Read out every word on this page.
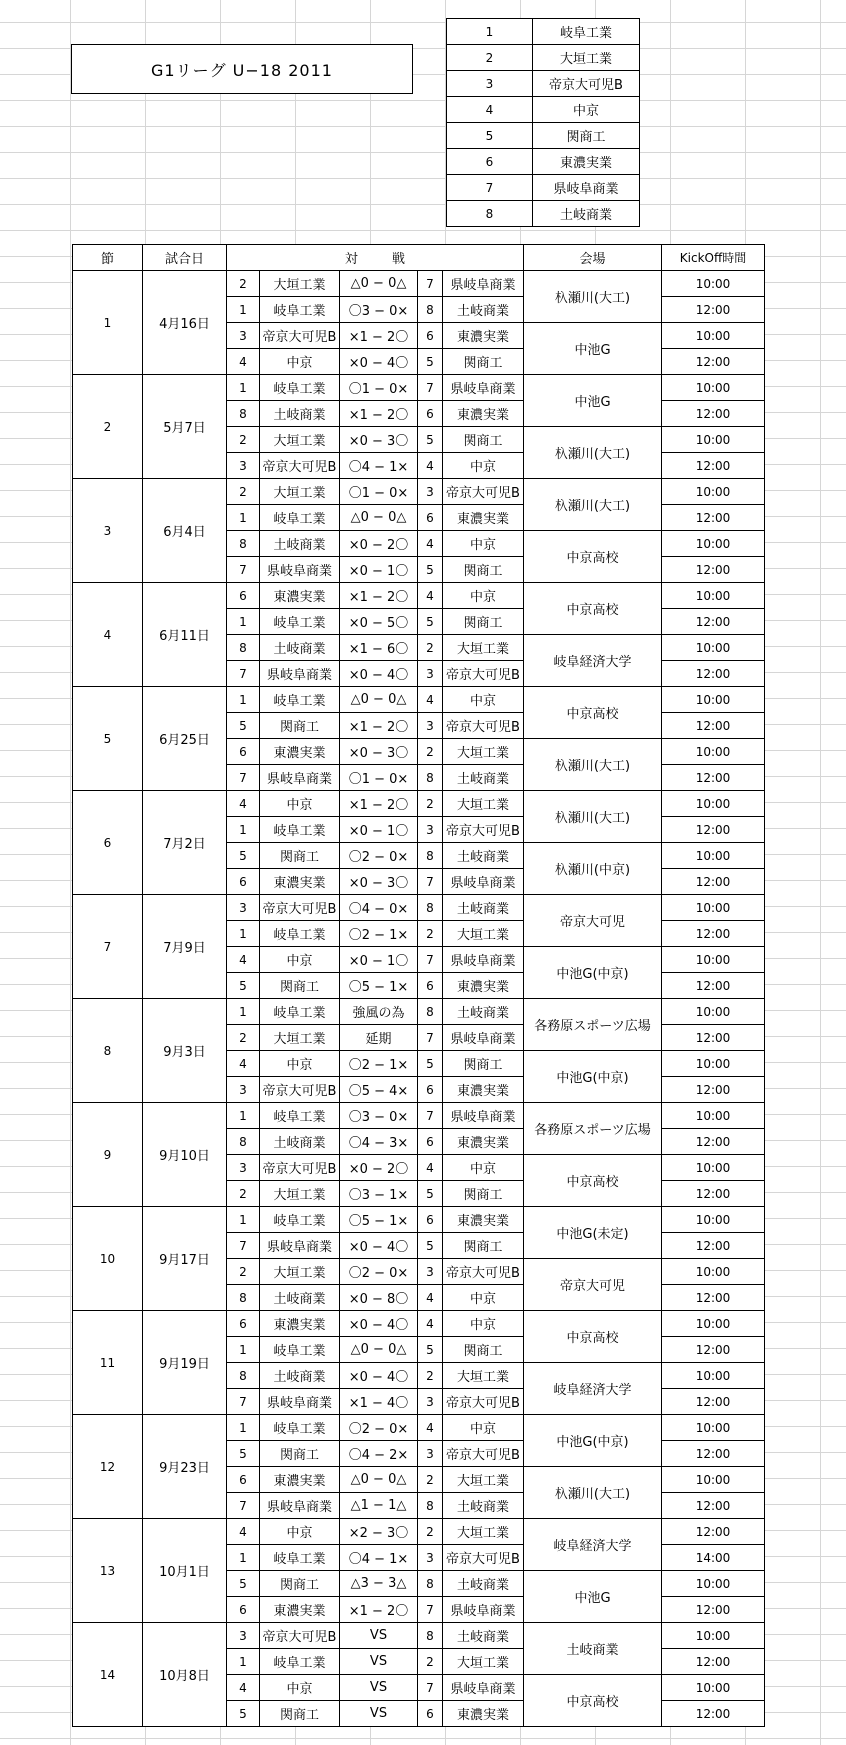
G1リーグ U−18 2011
1	岐阜工業
2	大垣工業
3	帝京大可児B
4	中京
5	関商工
6	東濃実業
7	県岐阜商業
8	土岐商業
節	試合日	対 戦					会場	KickOff時間
1	4月16日	2	大垣工業	△0 − 0△	7	県岐阜商業	杁瀬川(大工)	10:00
		1	岐阜工業	〇3 − 0×	8	土岐商業		12:00
		3	帝京大可児B	×1 − 2〇	6	東濃実業	中池G	10:00
		4	中京	×0 − 4〇	5	関商工		12:00
2	5月7日	1	岐阜工業	〇1 − 0×	7	県岐阜商業	中池G	10:00
		8	土岐商業	×1 − 2〇	6	東濃実業		12:00
		2	大垣工業	×0 − 3〇	5	関商工	杁瀬川(大工)	10:00
		3	帝京大可児B	〇4 − 1×	4	中京		12:00
3	6月4日	2	大垣工業	〇1 − 0×	3	帝京大可児B	杁瀬川(大工)	10:00
		1	岐阜工業	△0 − 0△	6	東濃実業		12:00
		8	土岐商業	×0 − 2〇	4	中京	中京高校	10:00
		7	県岐阜商業	×0 − 1〇	5	関商工		12:00
4	6月11日	6	東濃実業	×1 − 2〇	4	中京	中京高校	10:00
		1	岐阜工業	×0 − 5〇	5	関商工		12:00
		8	土岐商業	×1 − 6〇	2	大垣工業	岐阜経済大学	10:00
		7	県岐阜商業	×0 − 4〇	3	帝京大可児B		12:00
5	6月25日	1	岐阜工業	△0 − 0△	4	中京	中京高校	10:00
		5	関商工	×1 − 2〇	3	帝京大可児B		12:00
		6	東濃実業	×0 − 3〇	2	大垣工業	杁瀬川(大工)	10:00
		7	県岐阜商業	〇1 − 0×	8	土岐商業		12:00
6	7月2日	4	中京	×1 − 2〇	2	大垣工業	杁瀬川(大工)	10:00
		1	岐阜工業	×0 − 1〇	3	帝京大可児B		12:00
		5	関商工	〇2 − 0×	8	土岐商業	杁瀬川(中京)	10:00
		6	東濃実業	×0 − 3〇	7	県岐阜商業		12:00
7	7月9日	3	帝京大可児B	〇4 − 0×	8	土岐商業	帝京大可児	10:00
		1	岐阜工業	〇2 − 1×	2	大垣工業		12:00
		4	中京	×0 − 1〇	7	県岐阜商業	中池G(中京)	10:00
		5	関商工	〇5 − 1×	6	東濃実業		12:00
8	9月3日	1	岐阜工業	強風の為	8	土岐商業	各務原スポーツ広場	10:00
		2	大垣工業	延期	7	県岐阜商業		12:00
		4	中京	〇2 − 1×	5	関商工	中池G(中京)	10:00
		3	帝京大可児B	〇5 − 4×	6	東濃実業		12:00
9	9月10日	1	岐阜工業	〇3 − 0×	7	県岐阜商業	各務原スポーツ広場	10:00
		8	土岐商業	〇4 − 3×	6	東濃実業		12:00
		3	帝京大可児B	×0 − 2〇	4	中京	中京高校	10:00
		2	大垣工業	〇3 − 1×	5	関商工		12:00
10	9月17日	1	岐阜工業	〇5 − 1×	6	東濃実業	中池G(未定)	10:00
		7	県岐阜商業	×0 − 4〇	5	関商工		12:00
		2	大垣工業	〇2 − 0×	3	帝京大可児B	帝京大可児	10:00
		8	土岐商業	×0 − 8〇	4	中京		12:00
11	9月19日	6	東濃実業	×0 − 4〇	4	中京	中京高校	10:00
		1	岐阜工業	△0 − 0△	5	関商工		12:00
		8	土岐商業	×0 − 4〇	2	大垣工業	岐阜経済大学	10:00
		7	県岐阜商業	×1 − 4〇	3	帝京大可児B		12:00
12	9月23日	1	岐阜工業	〇2 − 0×	4	中京	中池G(中京)	10:00
		5	関商工	〇4 − 2×	3	帝京大可児B		12:00
		6	東濃実業	△0 − 0△	2	大垣工業	杁瀬川(大工)	10:00
		7	県岐阜商業	△1 − 1△	8	土岐商業		12:00
13	10月1日	4	中京	×2 − 3〇	2	大垣工業	岐阜経済大学	12:00
		1	岐阜工業	〇4 − 1×	3	帝京大可児B		14:00
		5	関商工	△3 − 3△	8	土岐商業	中池G	10:00
		6	東濃実業	×1 − 2〇	7	県岐阜商業		12:00
14	10月8日	3	帝京大可児B	VS	8	土岐商業	土岐商業	10:00
		1	岐阜工業	VS	2	大垣工業		12:00
		4	中京	VS	7	県岐阜商業	中京高校	10:00
		5	関商工	VS	6	東濃実業		12:00
